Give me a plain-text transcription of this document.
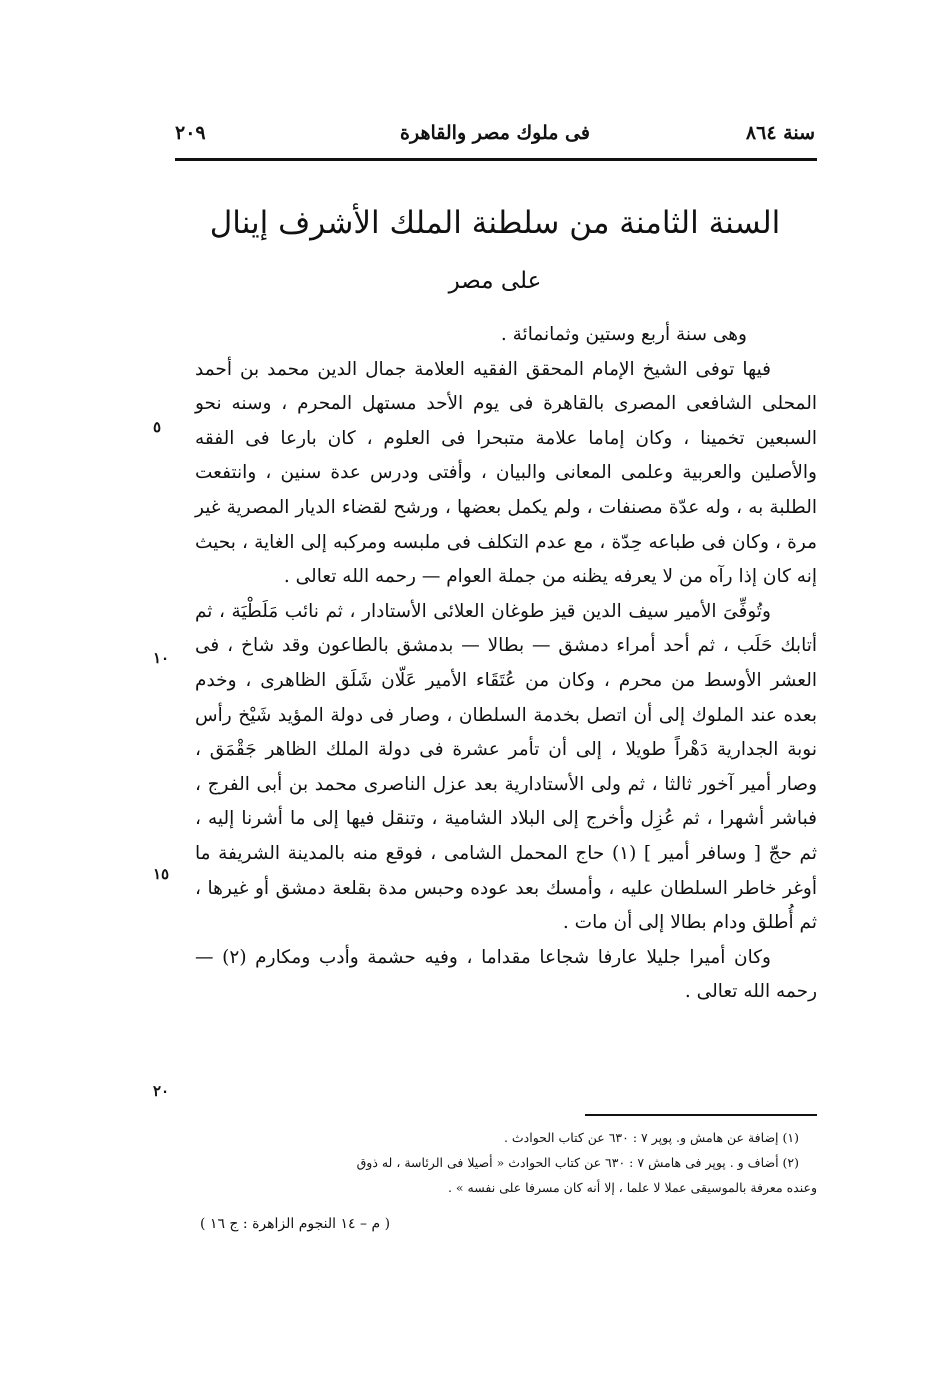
سنة ٨٦٤
فى ملوك مصر والقاهرة
٢٠٩
السنة الثامنة من سلطنة الملك الأشرف إينال
على مصر

وهى سنة أربع وستين وثمانمائة .

فيها توفى الشيخ الإمام المحقق الفقيه العلامة جمال الدين محمد بن أحمد المحلى الشافعى المصرى بالقاهرة فى يوم الأحد مستهل المحرم ، وسنه نحو السبعين تخمينا ، وكان إماما علامة متبحرا فى العلوم ، كان بارعا فى الفقه والأصلين والعربية وعلمى المعانى والبيان ، وأفتى ودرس عدة سنين ، وانتفعت الطلبة به ، وله عدّة مصنفات ، ولم يكمل بعضها ، ورشح لقضاء الديار المصرية غير مرة ، وكان فى طباعه حِدّة ، مع عدم التكلف فى ملبسه ومركبه إلى الغاية ، بحيث إنه كان إذا رآه من لا يعرفه يظنه من جملة العوام — رحمه الله تعالى .

وتُوفِّىَ الأمير سيف الدين قيز طوغان العلائى الأستادار ، ثم نائب مَلَطْيَة ، ثم أتابك حَلَب ، ثم أحد أمراء دمشق — بطالا — بدمشق بالطاعون وقد شاخ ، فى العشر الأوسط من محرم ، وكان من عُتَقَاء الأمير عَلّان شَلَق الظاهرى ، وخدم بعده عند الملوك إلى أن اتصل بخدمة السلطان ، وصار فى دولة المؤيد شَيْخ رأس نوبة الجدارية دَهْراً طويلا ، إلى أن تأمر عشرة فى دولة الملك الظاهر جَقْمَق ، وصار أمير آخور ثالثا ، ثم ولى الأستادارية بعد عزل الناصرى محمد بن أبى الفرج ، فباشر أشهرا ، ثم عُزِل وأخرج إلى البلاد الشامية ، وتنقل فيها إلى ما أشرنا إليه ، ثم حجّ [ وسافر أمير ] (١) حاج المحمل الشامى ، فوقع منه بالمدينة الشريفة ما أوغر خاطر السلطان عليه ، وأمسك بعد عوده وحبس مدة بقلعة دمشق أو غيرها ، ثم أُطلق ودام بطالا إلى أن مات .

وكان أميرا جليلا عارفا شجاعا مقداما ، وفيه حشمة وأدب ومكارم (٢) — رحمه الله تعالى .

٥
١٠
١٥
٢٠

(١) إضافة عن هامش و. پوپر ٧ : ٦٣٠ عن كتاب الحوادث .

(٢) أضاف و . پوپر فى هامش ٧ : ٦٣٠ عن كتاب الحوادث « أصيلا فى الرئاسة ، له ذوق

وعنده معرفة بالموسيقى عملا لا علما ، إلا أنه كان مسرفا على نفسه » .

( م – ١٤ النجوم الزاهرة : ج ١٦ )
